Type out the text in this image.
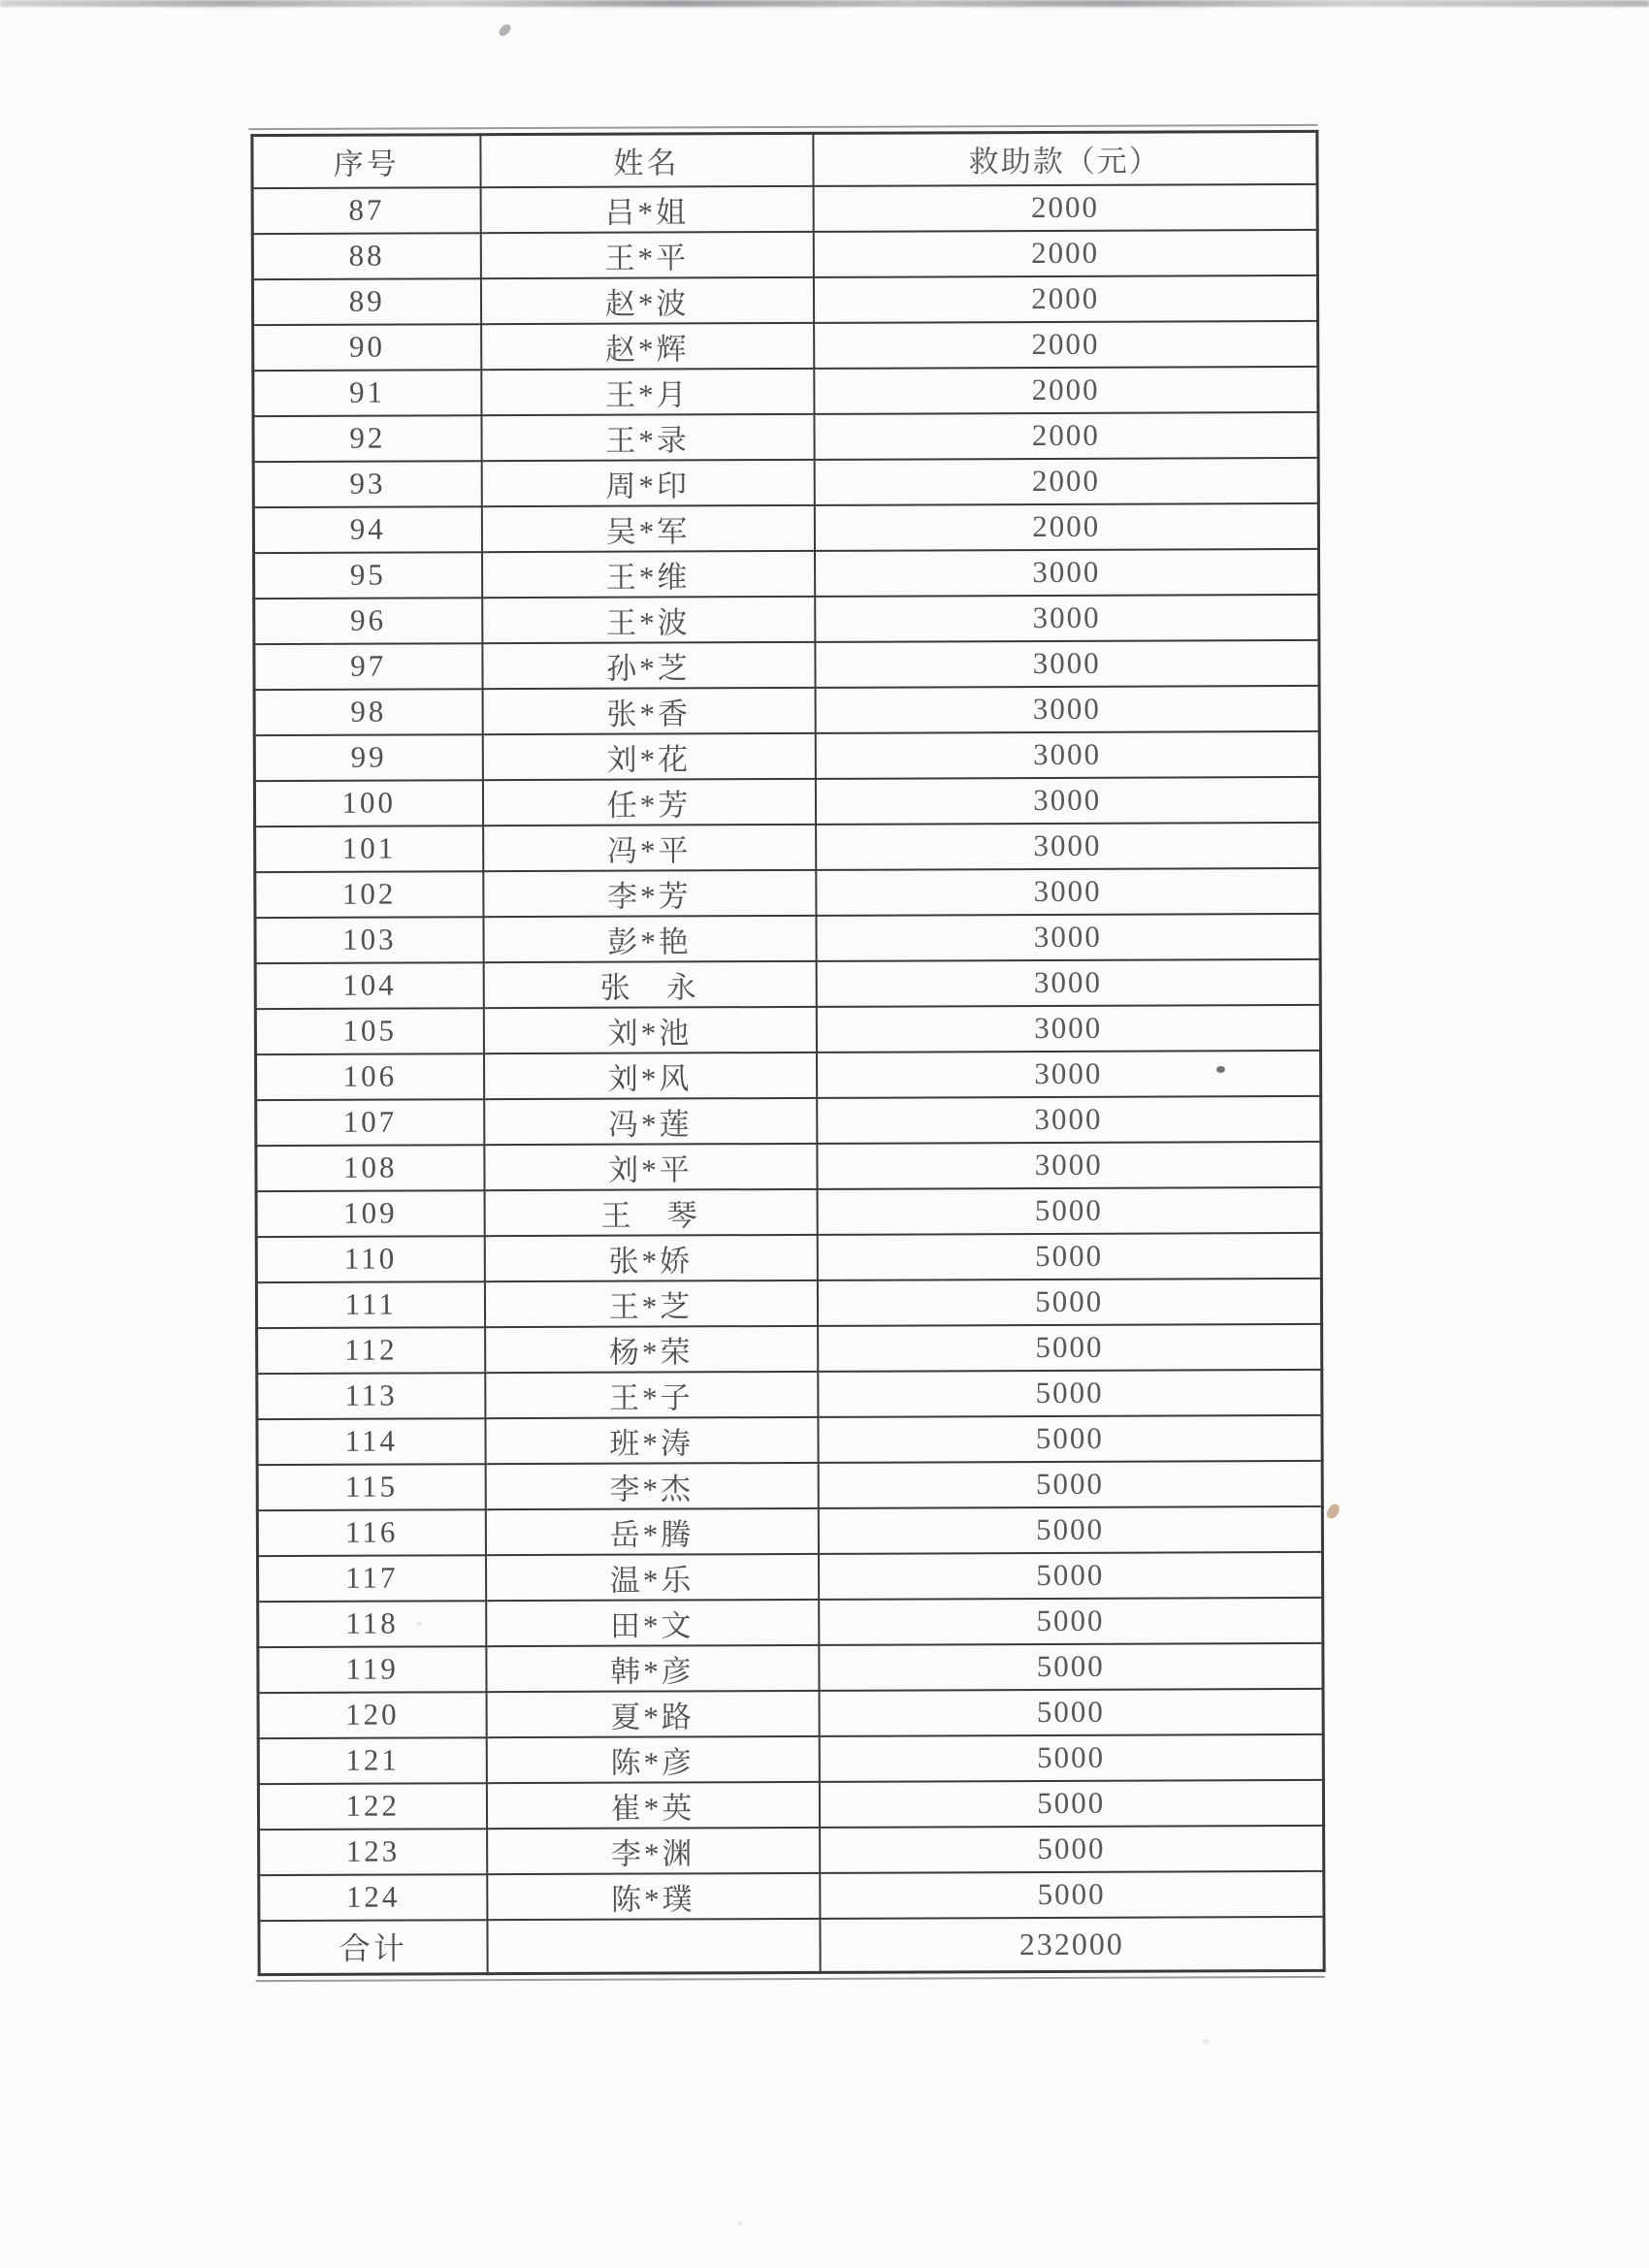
序号	姓名	救助款（元）
87	吕*姐	2000
88	王*平	2000
89	赵*波	2000
90	赵*辉	2000
91	王*月	2000
92	王*录	2000
93	周*印	2000
94	吴*军	2000
95	王*维	3000
96	王*波	3000
97	孙*芝	3000
98	张*香	3000
99	刘*花	3000
100	任*芳	3000
101	冯*平	3000
102	李*芳	3000
103	彭*艳	3000
104	张　永	3000
105	刘*池	3000
106	刘*风	3000
107	冯*莲	3000
108	刘*平	3000
109	王　琴	5000
110	张*娇	5000
111	王*芝	5000
112	杨*荣	5000
113	王*子	5000
114	班*涛	5000
115	李*杰	5000
116	岳*腾	5000
117	温*乐	5000
118	田*文	5000
119	韩*彦	5000
120	夏*路	5000
121	陈*彦	5000
122	崔*英	5000
123	李*渊	5000
124	陈*璞	5000
合计		232000
